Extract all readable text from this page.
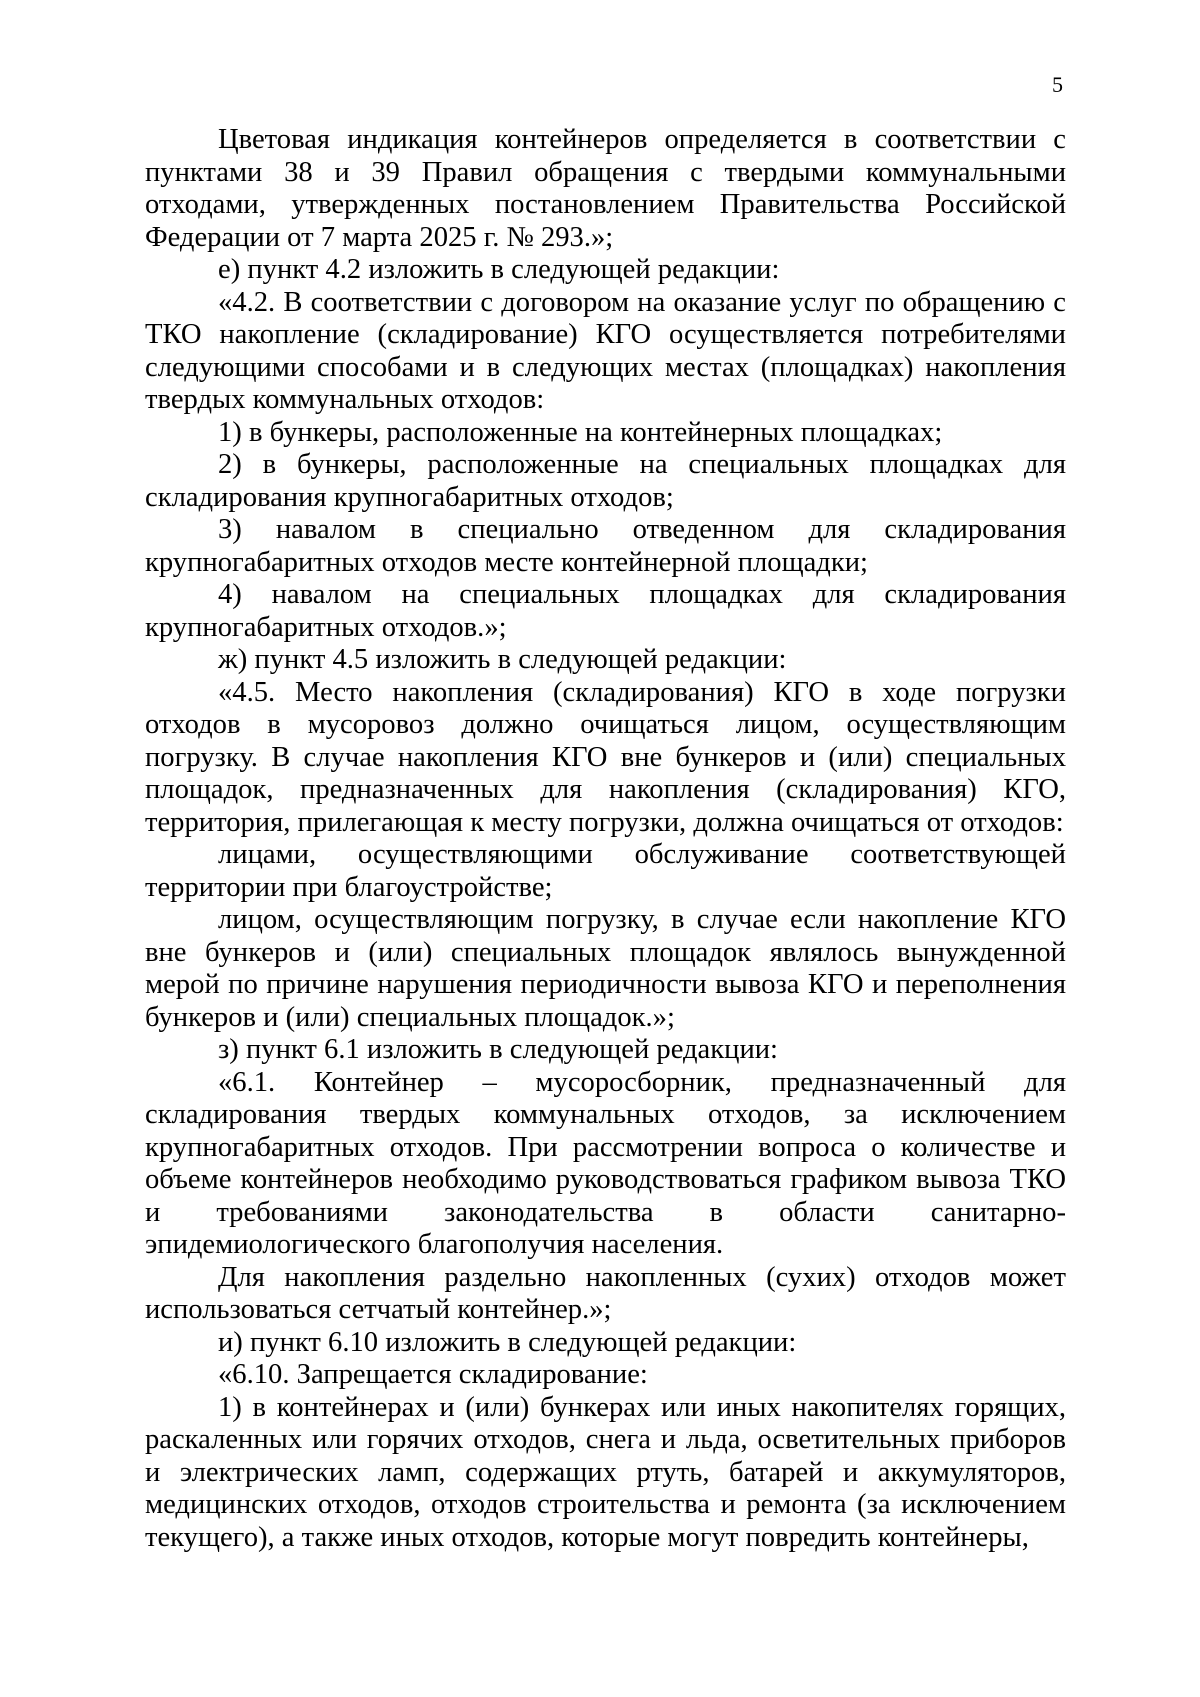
5

Цветовая индикация контейнеров определяется в соответствии с пунктами 38 и 39 Правил обращения с твердыми коммунальными отходами, утвержденных постановлением Правительства Российской Федерации от 7 марта 2025 г. № 293.»;

е) пункт 4.2 изложить в следующей редакции:

«4.2. В соответствии с договором на оказание услуг по обращению с ТКО накопление (складирование) КГО осуществляется потребителями следующими способами и в следующих местах (площадках) накопления твердых коммунальных отходов:

1) в бункеры, расположенные на контейнерных площадках;

2) в бункеры, расположенные на специальных площадках для складирования крупногабаритных отходов;

3) навалом в специально отведенном для складирования крупногабаритных отходов месте контейнерной площадки;

4) навалом на специальных площадках для складирования крупногабаритных отходов.»;

ж) пункт 4.5 изложить в следующей редакции:

«4.5. Место накопления (складирования) КГО в ходе погрузки отходов в мусоровоз должно очищаться лицом, осуществляющим погрузку. В случае накопления КГО вне бункеров и (или) специальных площадок, предназначенных для накопления (складирования) КГО, территория, прилегающая к месту погрузки, должна очищаться от отходов:

лицами, осуществляющими обслуживание соответствующей территории при благоустройстве;

лицом, осуществляющим погрузку, в случае если накопление КГО вне бункеров и (или) специальных площадок являлось вынужденной мерой по причине нарушения периодичности вывоза КГО и переполнения бункеров и (или) специальных площадок.»;

з) пункт 6.1 изложить в следующей редакции:

«6.1. Контейнер – мусоросборник, предназначенный для складирования твердых коммунальных отходов, за исключением крупногабаритных отходов. При рассмотрении вопроса о количестве и объеме контейнеров необходимо руководствоваться графиком вывоза ТКО и требованиями законодательства в области санитарно-эпидемиологического благополучия населения.

Для накопления раздельно накопленных (сухих) отходов может использоваться сетчатый контейнер.»;

и) пункт 6.10 изложить в следующей редакции:

«6.10. Запрещается складирование:

1) в контейнерах и (или) бункерах или иных накопителях горящих, раскаленных или горячих отходов, снега и льда, осветительных приборов и электрических ламп, содержащих ртуть, батарей и аккумуляторов, медицинских отходов, отходов строительства и ремонта (за исключением текущего), а также иных отходов, которые могут повредить контейнеры,
